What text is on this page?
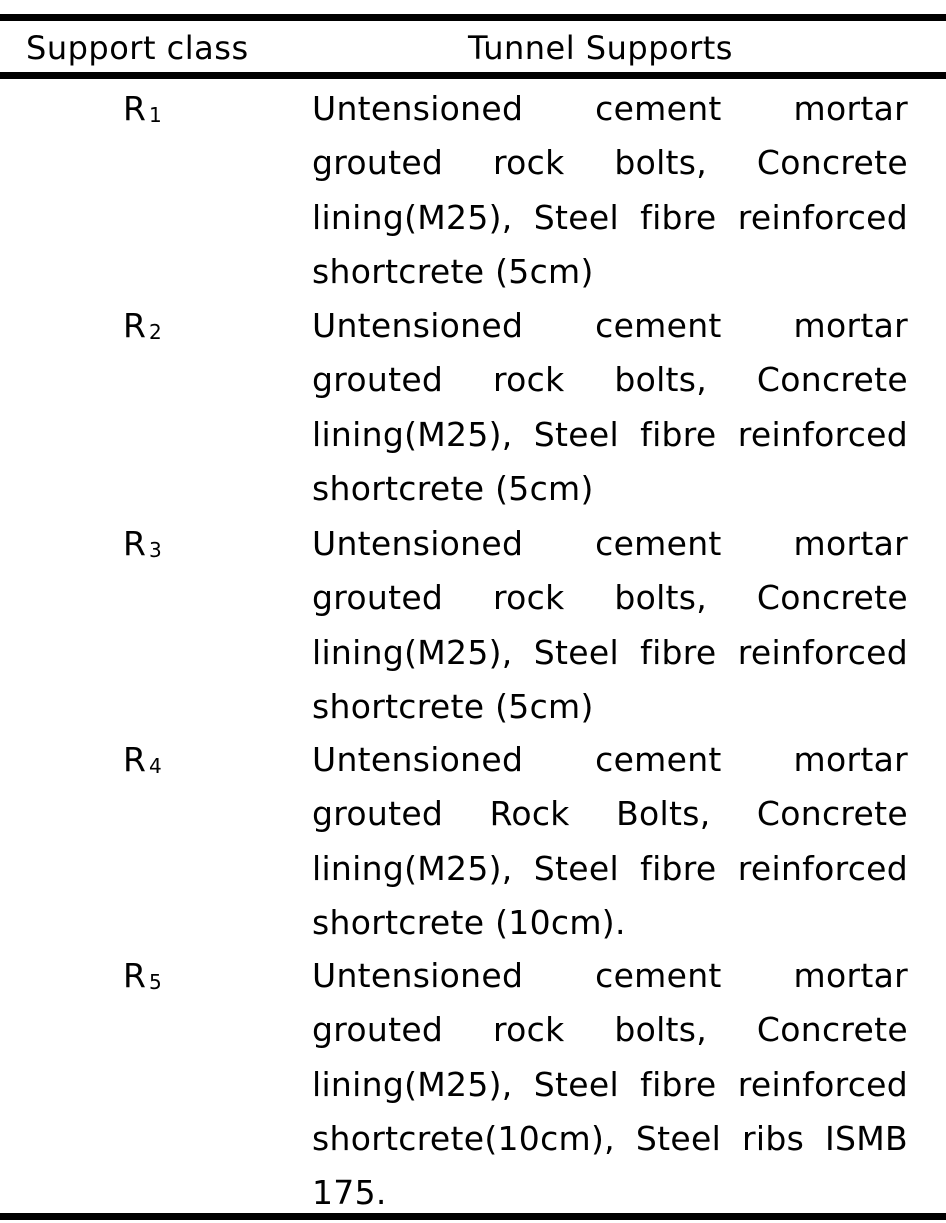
Support class	Tunnel Supports
R $_1$	Untensioned cement mortar grouted rock bolts, Concrete lining(M25), Steel fibre reinforced shortcrete (5cm)
R $_2$	Untensioned cement mortar grouted rock bolts, Concrete lining(M25), Steel fibre reinforced shortcrete (5cm)
R $_3$	Untensioned cement mortar grouted rock bolts, Concrete lining(M25), Steel fibre reinforced shortcrete (5cm)
R $_4$	Untensioned cement mortar grouted Rock Bolts, Concrete lining(M25), Steel fibre reinforced shortcrete (10cm).
R $_5$	Untensioned cement mortar grouted rock bolts, Concrete lining(M25), Steel fibre reinforced shortcrete(10cm), Steel ribs ISMB 175.
